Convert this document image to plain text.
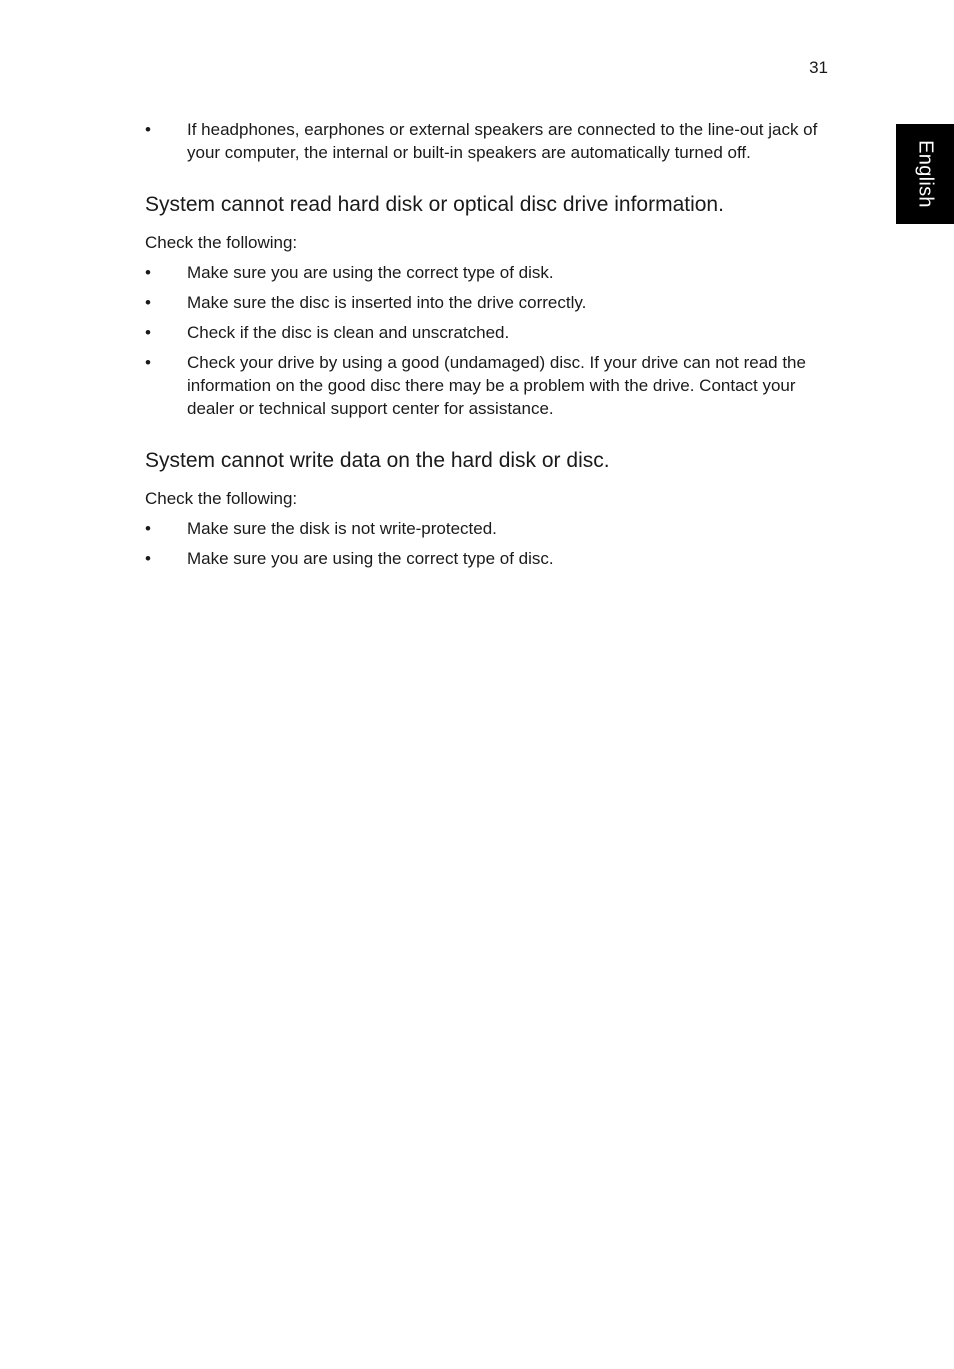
31
English
• If headphones, earphones or external speakers are connected to the line-out jack of your computer, the internal or built-in speakers are automatically turned off.
System cannot read hard disk or optical disc drive information.

Check the following:

• Make sure you are using the correct type of disk.
• Make sure the disc is inserted into the drive correctly.
• Check if the disc is clean and unscratched.
• Check your drive by using a good (undamaged) disc. If your drive can not read the information on the good disc there may be a problem with the drive. Contact your dealer or technical support center for assistance.
System cannot write data on the hard disk or disc.

Check the following:

• Make sure the disk is not write-protected.
• Make sure you are using the correct type of disc.
